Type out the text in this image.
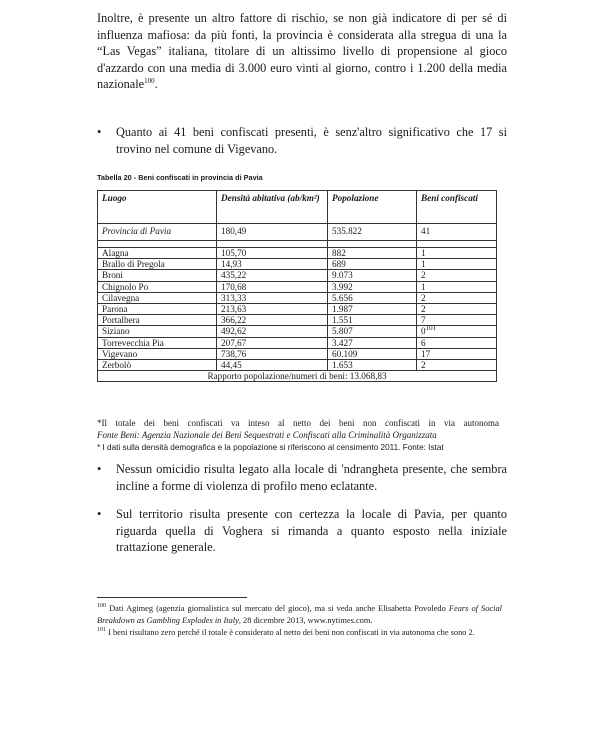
Inoltre, è presente un altro fattore di rischio, se non già indicatore di per sé di influenza mafiosa: da più fonti, la provincia è considerata alla stregua di una la “Las Vegas” italiana, titolare di un altissimo livello di propensione al gioco d'azzardo con una media di 3.000 euro vinti al giorno, contro i 1.200 della media nazionale$^{100}$.

•	Quanto ai 41 beni confiscati presenti, è senz'altro significativo che 17 si trovino nel comune di Vigevano.
Tabella 20 - Beni confiscati in provincia di Pavia
Luogo	Densità abitativa (ab/km²)	Popolazione	Beni confiscati
Provincia di Pavia	180,49	535.822	41

Alagna	105,70	882	1
Brallo di Pregola	14,93	689	1
Broni	435,22	9.073	2
Chignolo Po	170,68	3.992	1
Cilavegna	313,33	5.656	2
Parona	213,63	1.987	2
Portalbera	366,22	1.551	7
Siziano	492,62	5.807	$0^{101}$
Torrevecchia Pia	207,67	3.427	6
Vigevano	738,76	60.109	17
Zerbolò	44,45	1.653	2
Rapporto popolazione/numeri di beni: 13.068,83			
*Il totale dei beni confiscati va inteso al netto dei beni non confiscati in via autonoma
Fonte Beni: Agenzia Nazionale dei Beni Sequestrati e Confiscati alla Criminalità Organizzata
* I dati sulla densità demografica e la popolazione si riferiscono al censimento 2011. Fonte: Istat
•	Nessun omicidio risulta legato alla locale di 'ndrangheta presente, che sembra incline a forme di violenza di profilo meno eclatante.
•	Sul territorio risulta presente con certezza la locale di Pavia, per quanto riguarda quella di Voghera si rimanda a quanto esposto nella iniziale trattazione generale.
$^{100}$ Dati Agimeg (agenzia giornalistica sul mercato del gioco), ma si veda anche Elisabetta Povoledo Fears of Social Breakdown as Gambling Explodes in Italy, 28 dicembre 2013, www.nytimes.com.
$^{101}$ I beni risultano zero perché il totale è considerato al netto dei beni non confiscati in via autonoma che sono 2.
